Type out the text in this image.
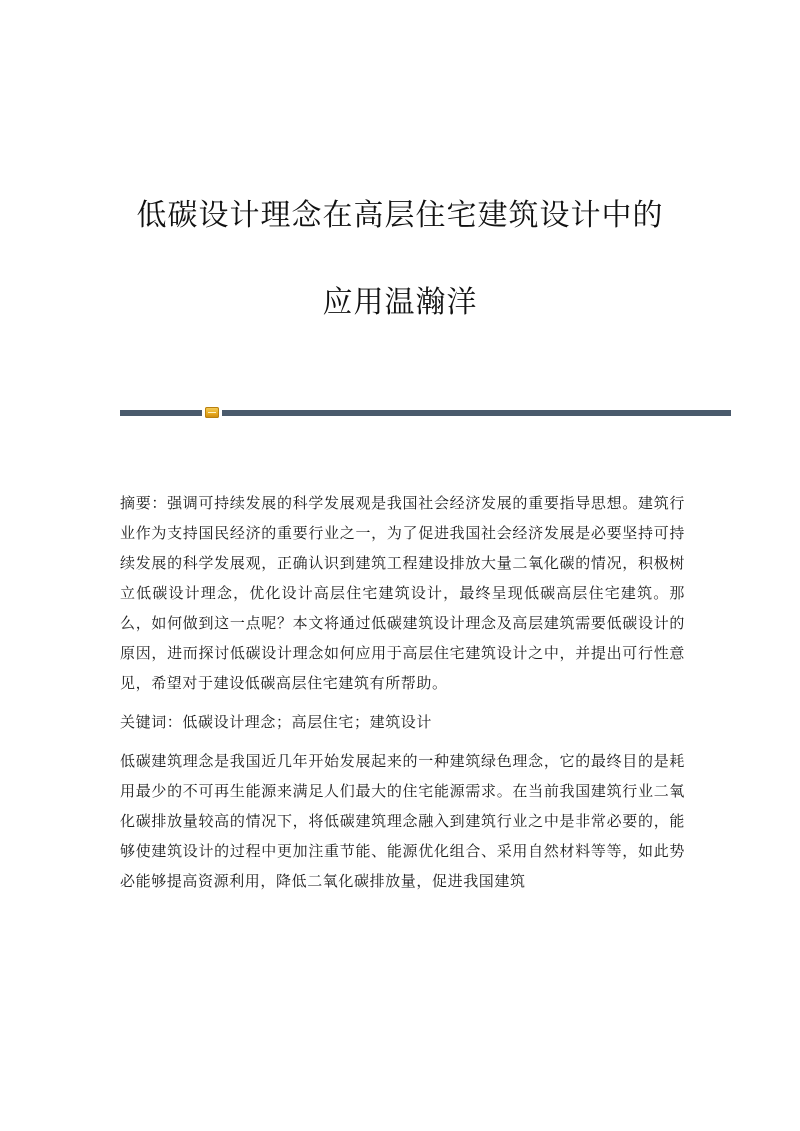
低碳设计理念在高层住宅建筑设计中的
应用温瀚洋

摘要：强调可持续发展的科学发展观是我国社会经济发展的重要指导思想。建筑行业作为支持国民经济的重要行业之一，为了促进我国社会经济发展是必要坚持可持续发展的科学发展观，正确认识到建筑工程建设排放大量二氧化碳的情况，积极树立低碳设计理念，优化设计高层住宅建筑设计，最终呈现低碳高层住宅建筑。那么，如何做到这一点呢？本文将通过低碳建筑设计理念及高层建筑需要低碳设计的原因，进而探讨低碳设计理念如何应用于高层住宅建筑设计之中，并提出可行性意见，希望对于建设低碳高层住宅建筑有所帮助。

关键词：低碳设计理念；高层住宅；建筑设计

低碳建筑理念是我国近几年开始发展起来的一种建筑绿色理念，它的最终目的是耗用最少的不可再生能源来满足人们最大的住宅能源需求。在当前我国建筑行业二氧化碳排放量较高的情况下，将低碳建筑理念融入到建筑行业之中是非常必要的，能够使建筑设计的过程中更加注重节能、能源优化组合、采用自然材料等等，如此势必能够提高资源利用，降低二氧化碳排放量，促进我国建筑
